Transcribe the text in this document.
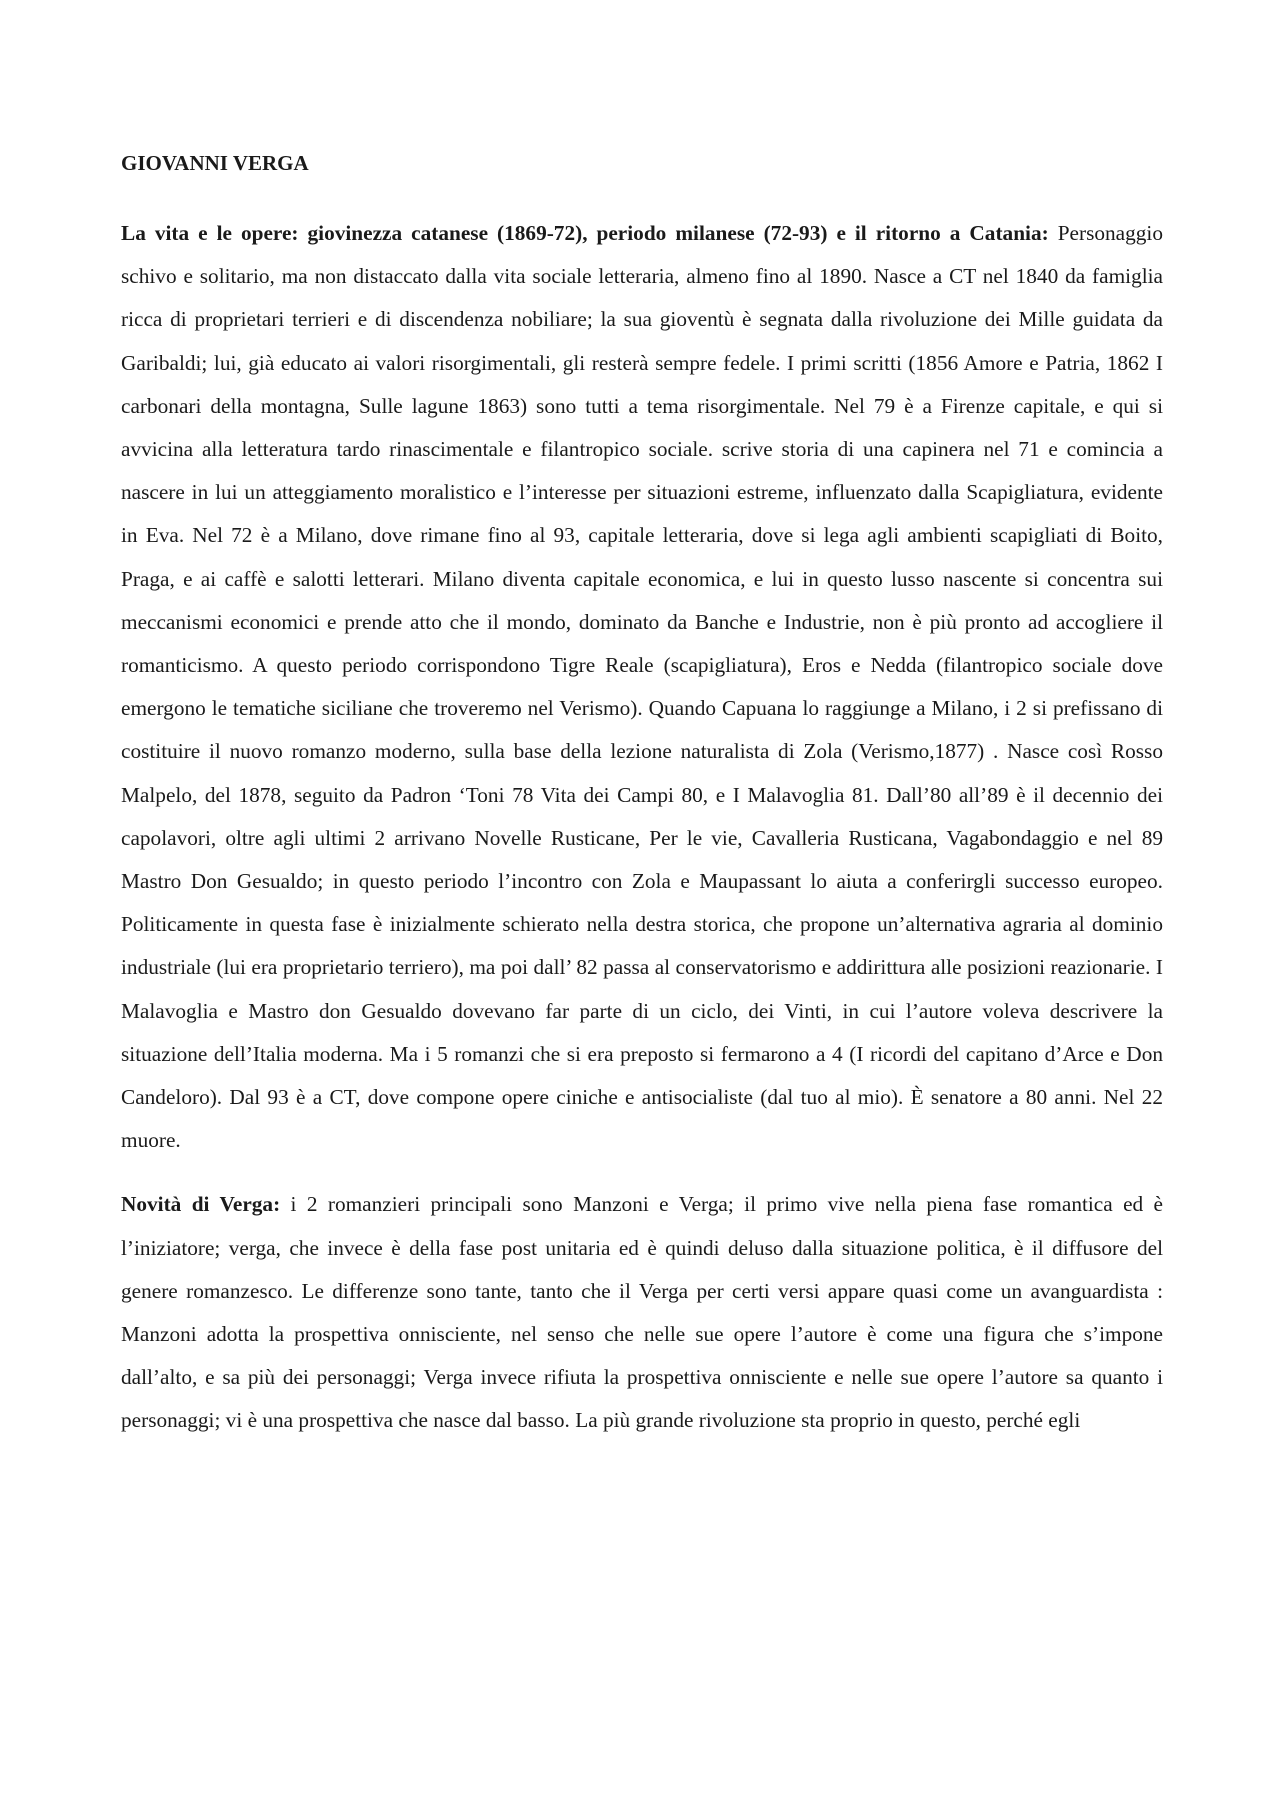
GIOVANNI VERGA

La vita e le opere: giovinezza catanese (1869-72), periodo milanese (72-93) e il ritorno a Catania: Personaggio schivo e solitario, ma non distaccato dalla vita sociale letteraria, almeno fino al 1890. Nasce a CT nel 1840 da famiglia ricca di proprietari terrieri e di discendenza nobiliare; la sua gioventù è segnata dalla rivoluzione dei Mille guidata da Garibaldi; lui, già educato ai valori risorgimentali, gli resterà sempre fedele. I primi scritti (1856 Amore e Patria, 1862 I carbonari della montagna, Sulle lagune 1863) sono tutti a tema risorgimentale. Nel 79 è a Firenze capitale, e qui si avvicina alla letteratura tardo rinascimentale e filantropico sociale. scrive storia di una capinera nel 71 e comincia a nascere in lui un atteggiamento moralistico e l’interesse per situazioni estreme, influenzato dalla Scapigliatura, evidente in Eva. Nel 72 è a Milano, dove rimane fino al 93, capitale letteraria, dove si lega agli ambienti scapigliati di Boito, Praga, e ai caffè e salotti letterari. Milano diventa capitale economica, e lui in questo lusso nascente si concentra sui meccanismi economici e prende atto che il mondo, dominato da Banche e Industrie, non è più pronto ad accogliere il romanticismo. A questo periodo corrispondono Tigre Reale (scapigliatura), Eros e Nedda (filantropico sociale dove emergono le tematiche siciliane che troveremo nel Verismo). Quando Capuana lo raggiunge a Milano, i 2 si prefissano di costituire il nuovo romanzo moderno, sulla base della lezione naturalista di Zola (Verismo,1877) . Nasce così Rosso Malpelo, del 1878, seguito da Padron ‘Toni 78 Vita dei Campi 80, e I Malavoglia 81. Dall’80 all’89 è il decennio dei capolavori, oltre agli ultimi 2 arrivano Novelle Rusticane, Per le vie, Cavalleria Rusticana, Vagabondaggio e nel 89 Mastro Don Gesualdo; in questo periodo l’incontro con Zola e Maupassant lo aiuta a conferirgli successo europeo. Politicamente in questa fase è inizialmente schierato nella destra storica, che propone un’alternativa agraria al dominio industriale (lui era proprietario terriero), ma poi dall’ 82 passa al conservatorismo e addirittura alle posizioni reazionarie. I Malavoglia e Mastro don Gesualdo dovevano far parte di un ciclo, dei Vinti, in cui l’autore voleva descrivere la situazione dell’Italia moderna. Ma i 5 romanzi che si era preposto si fermarono a 4 (I ricordi del capitano d’Arce e Don Candeloro). Dal 93 è a CT, dove compone opere ciniche e antisocialiste (dal tuo al mio). È senatore a 80 anni. Nel 22 muore.

Novità di Verga: i 2 romanzieri principali sono Manzoni e Verga; il primo vive nella piena fase romantica ed è l’iniziatore; verga, che invece è della fase post unitaria ed è quindi deluso dalla situazione politica, è il diffusore del genere romanzesco. Le differenze sono tante, tanto che il Verga per certi versi appare quasi come un avanguardista : Manzoni adotta la prospettiva onnisciente, nel senso che nelle sue opere l’autore è come una figura che s’impone dall’alto, e sa più dei personaggi; Verga invece rifiuta la prospettiva onnisciente e nelle sue opere l’autore sa quanto i personaggi; vi è una prospettiva che nasce dal basso. La più grande rivoluzione sta proprio in questo, perché egli
